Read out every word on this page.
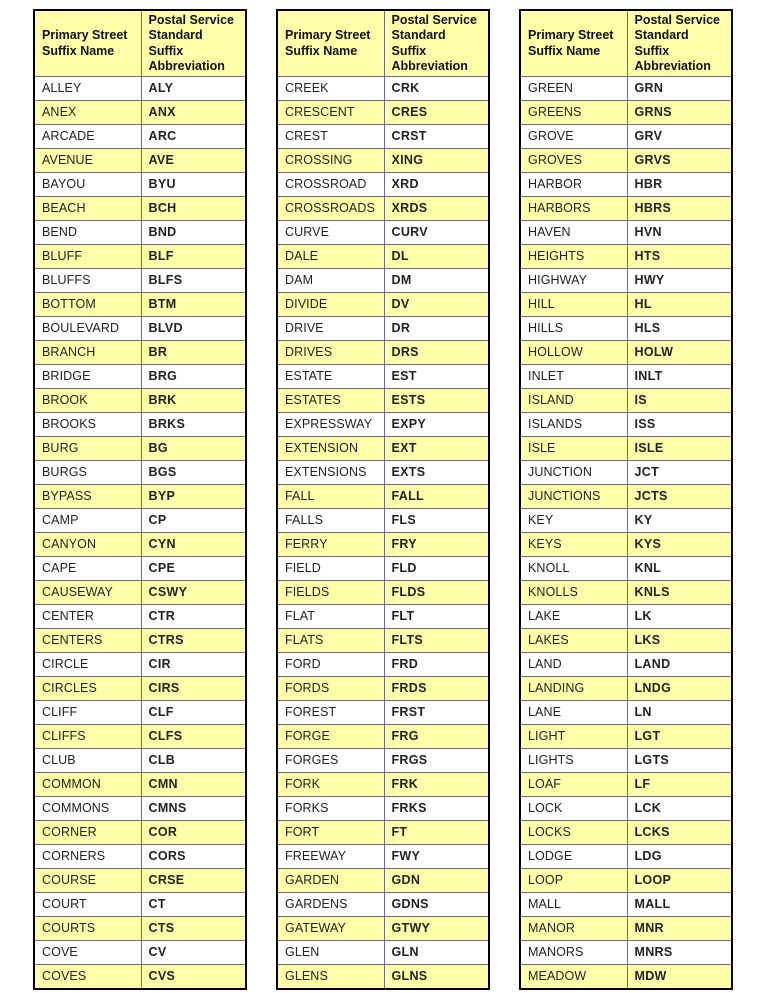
Primary Street Suffix Name	Postal Service Standard Suffix Abbreviation
ALLEY	ALY
ANEX	ANX
ARCADE	ARC
AVENUE	AVE
BAYOU	BYU
BEACH	BCH
BEND	BND
BLUFF	BLF
BLUFFS	BLFS
BOTTOM	BTM
BOULEVARD	BLVD
BRANCH	BR
BRIDGE	BRG
BROOK	BRK
BROOKS	BRKS
BURG	BG
BURGS	BGS
BYPASS	BYP
CAMP	CP
CANYON	CYN
CAPE	CPE
CAUSEWAY	CSWY
CENTER	CTR
CENTERS	CTRS
CIRCLE	CIR
CIRCLES	CIRS
CLIFF	CLF
CLIFFS	CLFS
CLUB	CLB
COMMON	CMN
COMMONS	CMNS
CORNER	COR
CORNERS	CORS
COURSE	CRSE
COURT	CT
COURTS	CTS
COVE	CV
COVES	CVS
Primary Street Suffix Name	Postal Service Standard Suffix Abbreviation
CREEK	CRK
CRESCENT	CRES
CREST	CRST
CROSSING	XING
CROSSROAD	XRD
CROSSROADS	XRDS
CURVE	CURV
DALE	DL
DAM	DM
DIVIDE	DV
DRIVE	DR
DRIVES	DRS
ESTATE	EST
ESTATES	ESTS
EXPRESSWAY	EXPY
EXTENSION	EXT
EXTENSIONS	EXTS
FALL	FALL
FALLS	FLS
FERRY	FRY
FIELD	FLD
FIELDS	FLDS
FLAT	FLT
FLATS	FLTS
FORD	FRD
FORDS	FRDS
FOREST	FRST
FORGE	FRG
FORGES	FRGS
FORK	FRK
FORKS	FRKS
FORT	FT
FREEWAY	FWY
GARDEN	GDN
GARDENS	GDNS
GATEWAY	GTWY
GLEN	GLN
GLENS	GLNS
Primary Street Suffix Name	Postal Service Standard Suffix Abbreviation
GREEN	GRN
GREENS	GRNS
GROVE	GRV
GROVES	GRVS
HARBOR	HBR
HARBORS	HBRS
HAVEN	HVN
HEIGHTS	HTS
HIGHWAY	HWY
HILL	HL
HILLS	HLS
HOLLOW	HOLW
INLET	INLT
ISLAND	IS
ISLANDS	ISS
ISLE	ISLE
JUNCTION	JCT
JUNCTIONS	JCTS
KEY	KY
KEYS	KYS
KNOLL	KNL
KNOLLS	KNLS
LAKE	LK
LAKES	LKS
LAND	LAND
LANDING	LNDG
LANE	LN
LIGHT	LGT
LIGHTS	LGTS
LOAF	LF
LOCK	LCK
LOCKS	LCKS
LODGE	LDG
LOOP	LOOP
MALL	MALL
MANOR	MNR
MANORS	MNRS
MEADOW	MDW
